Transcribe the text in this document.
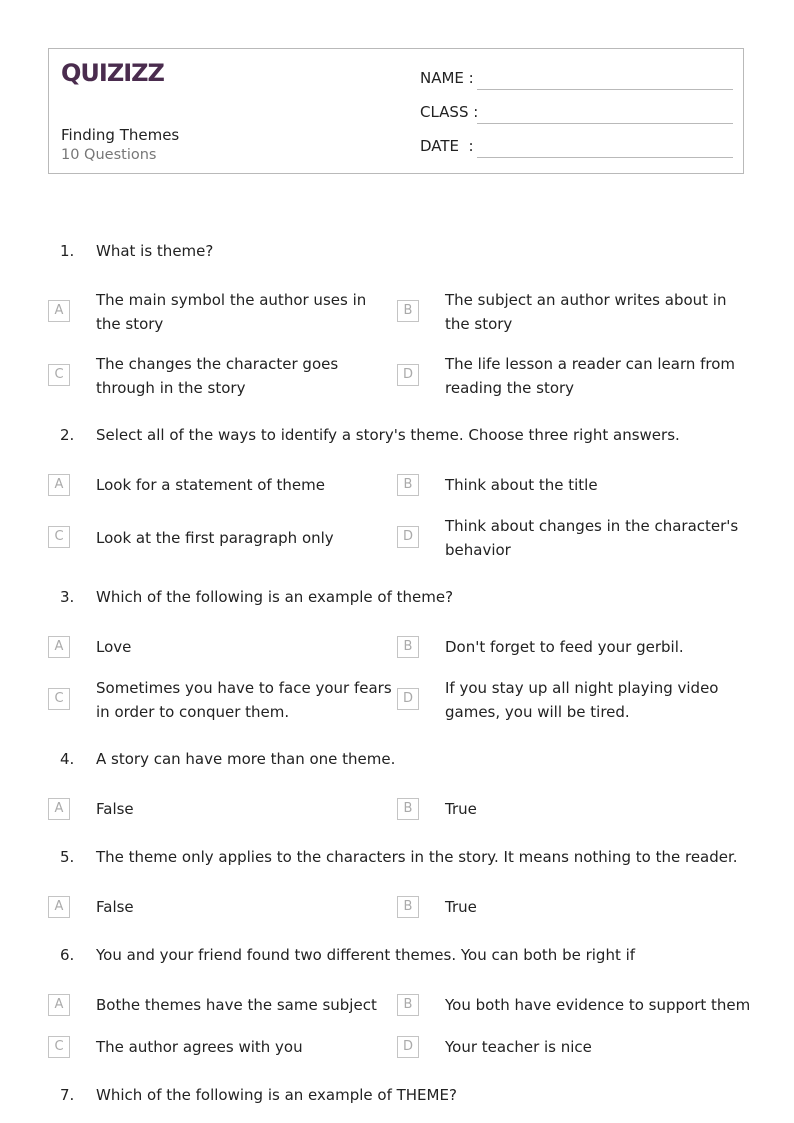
QUIZIZZ
Finding Themes
10 Questions
NAME :
CLASS :
DATE  :
1. What is theme?
A
The main symbol the author uses in the story
B
The subject an author writes about in the story
C
The changes the character goes through in the story
D
The life lesson a reader can learn from reading the story
2. Select all of the ways to identify a story's theme. Choose three right answers.
A	Look for a statement of theme	B	Think about the title
C	Look at the first paragraph only	D
Think about changes in the character's behavior
3. Which of the following is an example of theme?
A	Love	B	Don't forget to feed your gerbil.
C
Sometimes you have to face your fears in order to conquer them.
D
If you stay up all night playing video games, you will be tired.
4. A story can have more than one theme.
A	False	B	True
5. The theme only applies to the characters in the story. It means nothing to the reader.
A	False	B	True
6. You and your friend found two different themes. You can both be right if
A	Bothe themes have the same subject	B	You both have evidence to support them
C	The author agrees with you	D	Your teacher is nice
7. Which of the following is an example of THEME?
